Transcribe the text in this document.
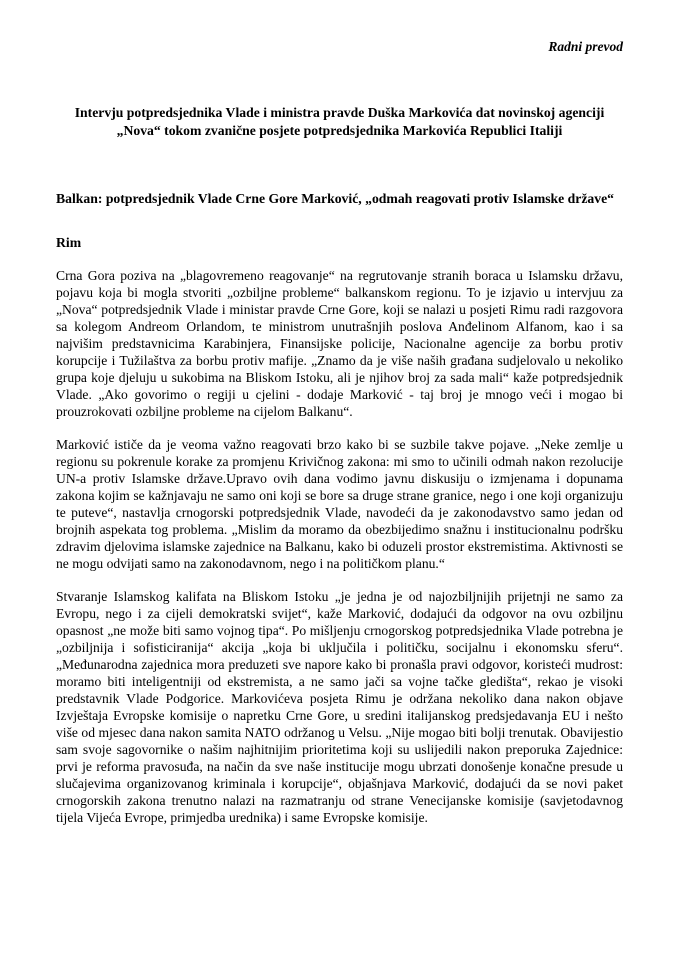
Radni prevod
Intervju potpredsjednika Vlade i ministra pravde Duška Markovića dat novinskoj agenciji „Nova“ tokom zvanične posjete potpredsjednika Markovića Republici Italiji
Balkan: potpredsjednik Vlade Crne Gore Marković, „odmah reagovati protiv Islamske države“
Rim

Crna Gora poziva na „blagovremeno reagovanje“ na regrutovanje stranih boraca u Islamsku državu, pojavu koja bi mogla stvoriti „ozbiljne probleme“ balkanskom regionu. To je izjavio u intervjuu za „Nova“ potpredsjednik Vlade i ministar pravde Crne Gore, koji se nalazi u posjeti Rimu radi razgovora sa kolegom Andreom Orlandom, te ministrom unutrašnjih poslova Anđelinom Alfanom, kao i sa najvišim predstavnicima Karabinjera, Finansijske policije, Nacionalne agencije za borbu protiv korupcije i Tužilaštva za borbu protiv mafije. „Znamo da je više naših građana sudjelovalo u nekoliko grupa koje djeluju u sukobima na Bliskom Istoku, ali je njihov broj za sada mali“ kaže potpredsjednik Vlade. „Ako govorimo o regiji u cjelini - dodaje Marković - taj broj je mnogo veći i mogao bi prouzrokovati ozbiljne probleme na cijelom Balkanu“.

Marković ističe da je veoma važno reagovati brzo kako bi se suzbile takve pojave. „Neke zemlje u regionu su pokrenule korake za promjenu Krivičnog zakona: mi smo to učinili odmah nakon rezolucije UN-a protiv Islamske države.Upravo ovih dana vodimo javnu diskusiju o izmjenama i dopunama zakona kojim se kažnjavaju ne samo oni koji se bore sa druge strane granice, nego i one koji organizuju te puteve“, nastavlja crnogorski potpredsjednik Vlade, navodeći da je zakonodavstvo samo jedan od brojnih aspekata tog problema. „Mislim da moramo da obezbijedimo snažnu i institucionalnu podršku zdravim djelovima islamske zajednice na Balkanu, kako bi oduzeli prostor ekstremistima. Aktivnosti se ne mogu odvijati samo na zakonodavnom, nego i na političkom planu.“

Stvaranje Islamskog kalifata na Bliskom Istoku „je jedna je od najozbiljnijih prijetnji ne samo za Evropu, nego i za cijeli demokratski svijet“, kaže Marković, dodajući da odgovor na ovu ozbiljnu opasnost „ne može biti samo vojnog tipa“. Po mišljenju crnogorskog potpredsjednika Vlade potrebna je „ozbiljnija i sofisticiranija“ akcija „koja bi uključila i političku, socijalnu i ekonomsku sferu“. „Međunarodna zajednica mora preduzeti sve napore kako bi pronašla pravi odgovor, koristeći mudrost: moramo biti inteligentniji od ekstremista, a ne samo jači sa vojne tačke gledišta“, rekao je visoki predstavnik Vlade Podgorice. Markovićeva posjeta Rimu je održana nekoliko dana nakon objave Izvještaja Evropske komisije o napretku Crne Gore, u sredini italijanskog predsjedavanja EU i nešto više od mjesec dana nakon samita NATO održanog u Velsu. „Nije mogao biti bolji trenutak. Obavijestio sam svoje sagovornike o našim najhitnijim prioritetima koji su uslijedili nakon preporuka Zajednice: prvi je reforma pravosuđa, na način da sve naše institucije mogu ubrzati donošenje konačne presude u slučajevima organizovanog kriminala i korupcije“, objašnjava Marković, dodajući da se novi paket crnogorskih zakona trenutno nalazi na razmatranju od strane Venecijanske komisije (savjetodavnog tijela Vijeća Evrope, primjedba urednika) i same Evropske komisije.
